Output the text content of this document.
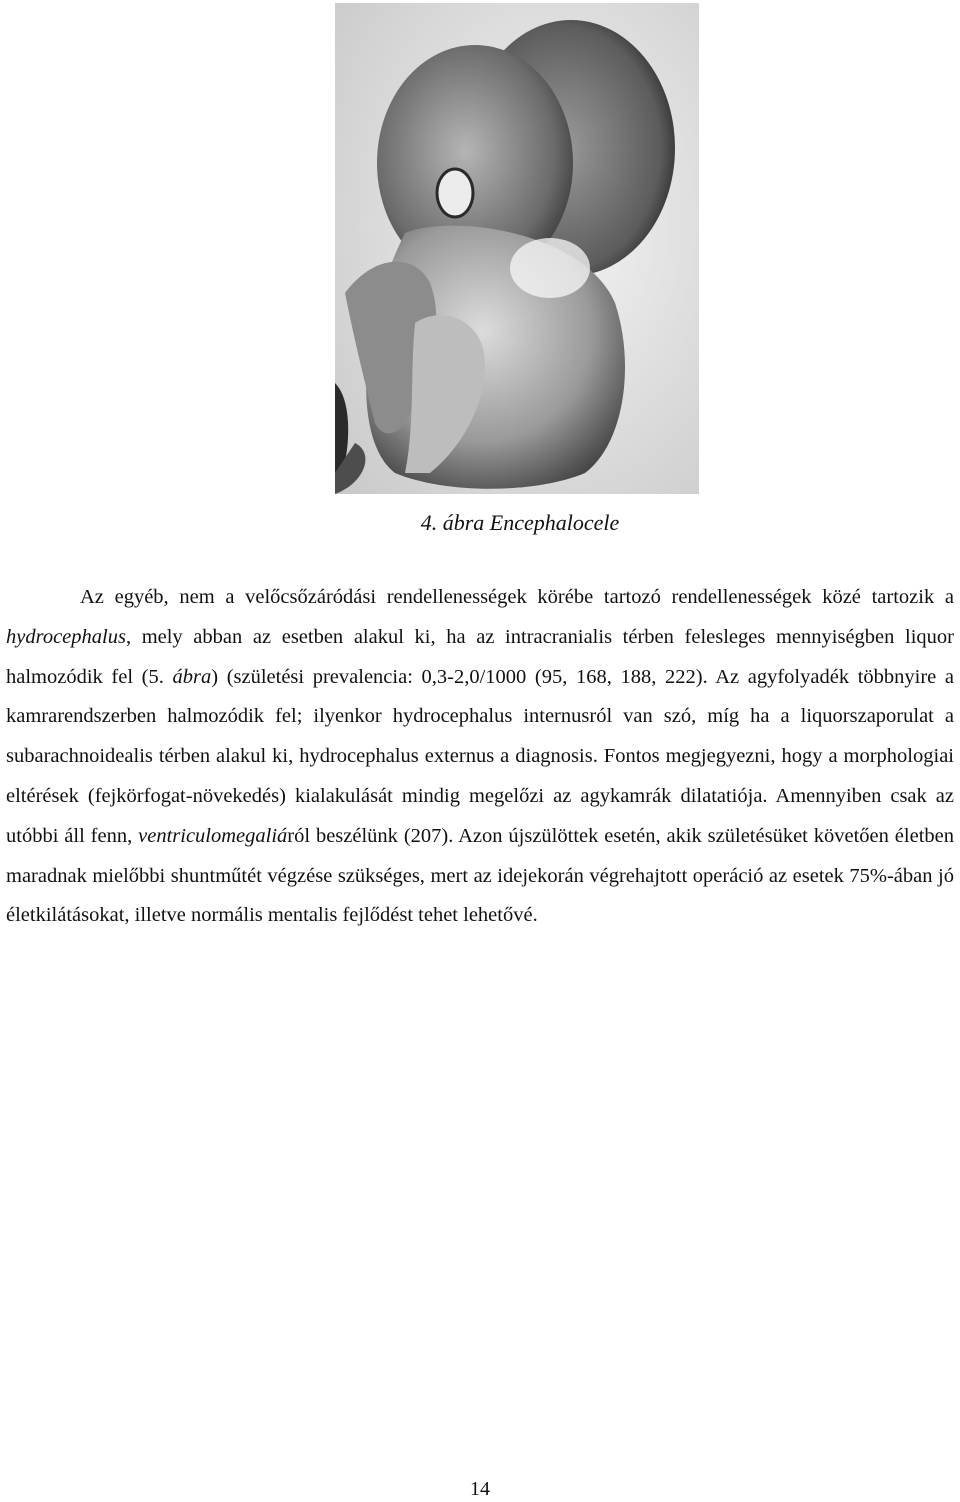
4. ábra Encephalocele

Az egyéb, nem a velőcsőzáródási rendellenességek körébe tartozó rendellenességek közé tartozik a hydrocephalus, mely abban az esetben alakul ki, ha az intracranialis térben felesleges mennyiségben liquor halmozódik fel (5. ábra) (születési prevalencia: 0,3-2,0/1000 (95, 168, 188, 222). Az agyfolyadék többnyire a kamrarendszerben halmozódik fel; ilyenkor hydrocephalus internusról van szó, míg ha a liquorszaporulat a subarachnoidealis térben alakul ki, hydrocephalus externus a diagnosis. Fontos megjegyezni, hogy a morphologiai eltérések (fejkörfogat-növekedés) kialakulását mindig megelőzi az agykamrák dilatatiója. Amennyiben csak az utóbbi áll fenn, ventriculomegaliáról beszélünk (207). Azon újszülöttek esetén, akik születésüket követően életben maradnak mielőbbi shuntműtét végzése szükséges, mert az idejekorán végrehajtott operáció az esetek 75%-ában jó életkilátásokat, illetve normális mentalis fejlődést tehet lehetővé.

14
